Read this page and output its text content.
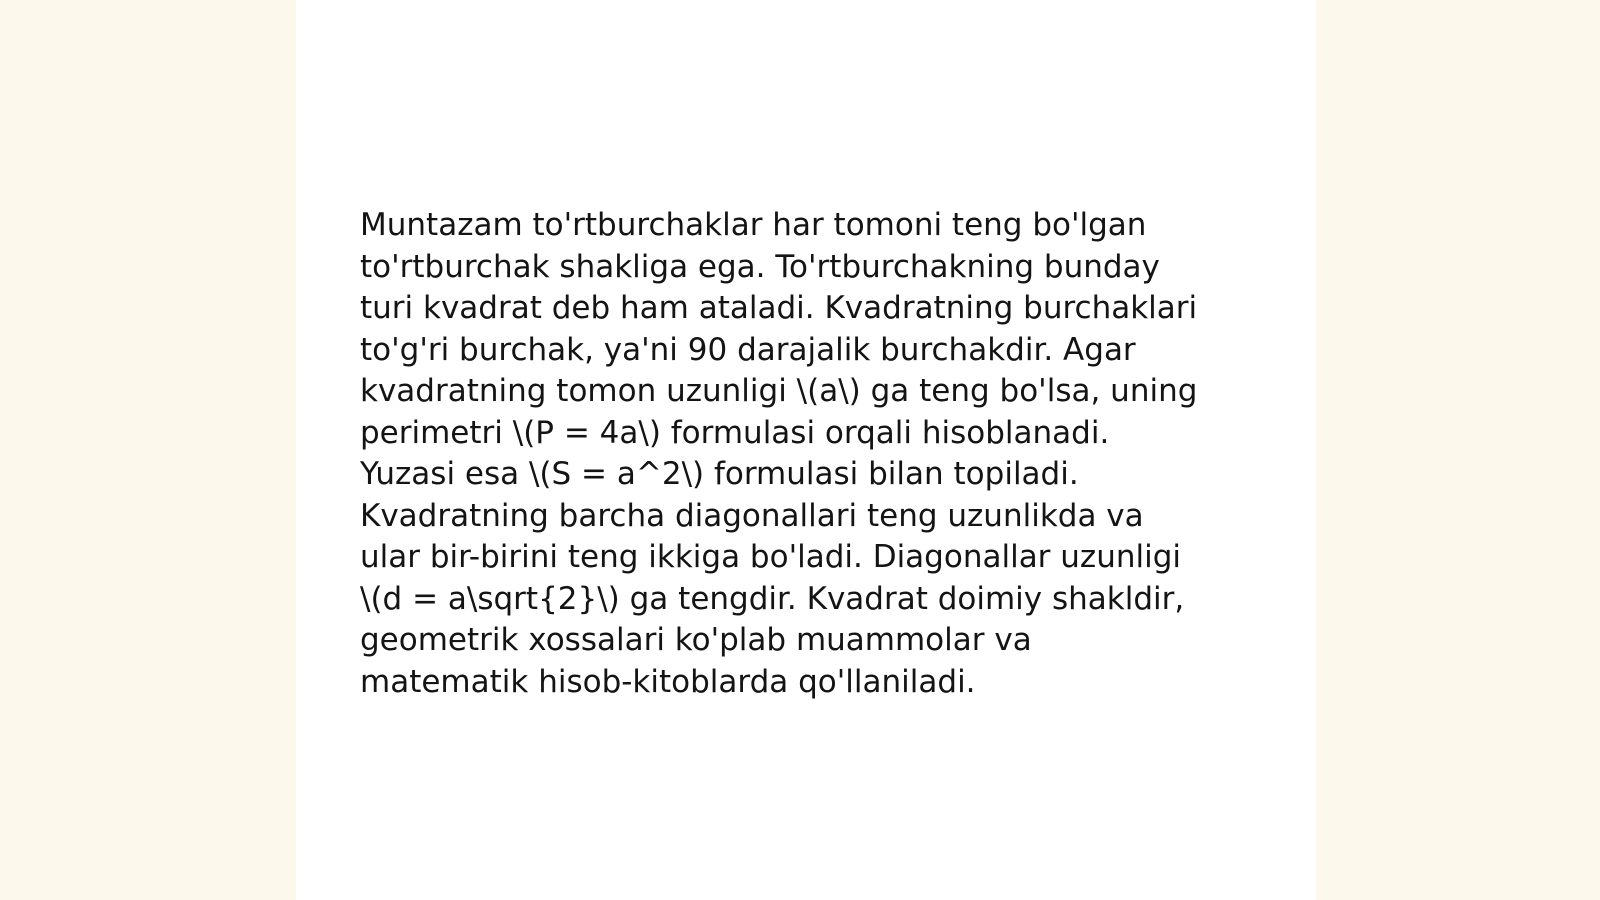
Muntazam to'rtburchaklar har tomoni teng bo'lgan
to'rtburchak shakliga ega. To'rtburchakning bunday
turi kvadrat deb ham ataladi. Kvadratning burchaklari
to'g'ri burchak, ya'ni 90 darajalik burchakdir. Agar
kvadratning tomon uzunligi \(a\) ga teng bo'lsa, uning
perimetri \(P = 4a\) formulasi orqali hisoblanadi.
Yuzasi esa \(S = a^2\) formulasi bilan topiladi.
Kvadratning barcha diagonallari teng uzunlikda va
ular bir-birini teng ikkiga bo'ladi. Diagonallar uzunligi
\(d = a\sqrt{2}\) ga tengdir. Kvadrat doimiy shakldir,
geometrik xossalari ko'plab muammolar va
matematik hisob-kitoblarda qo'llaniladi.
